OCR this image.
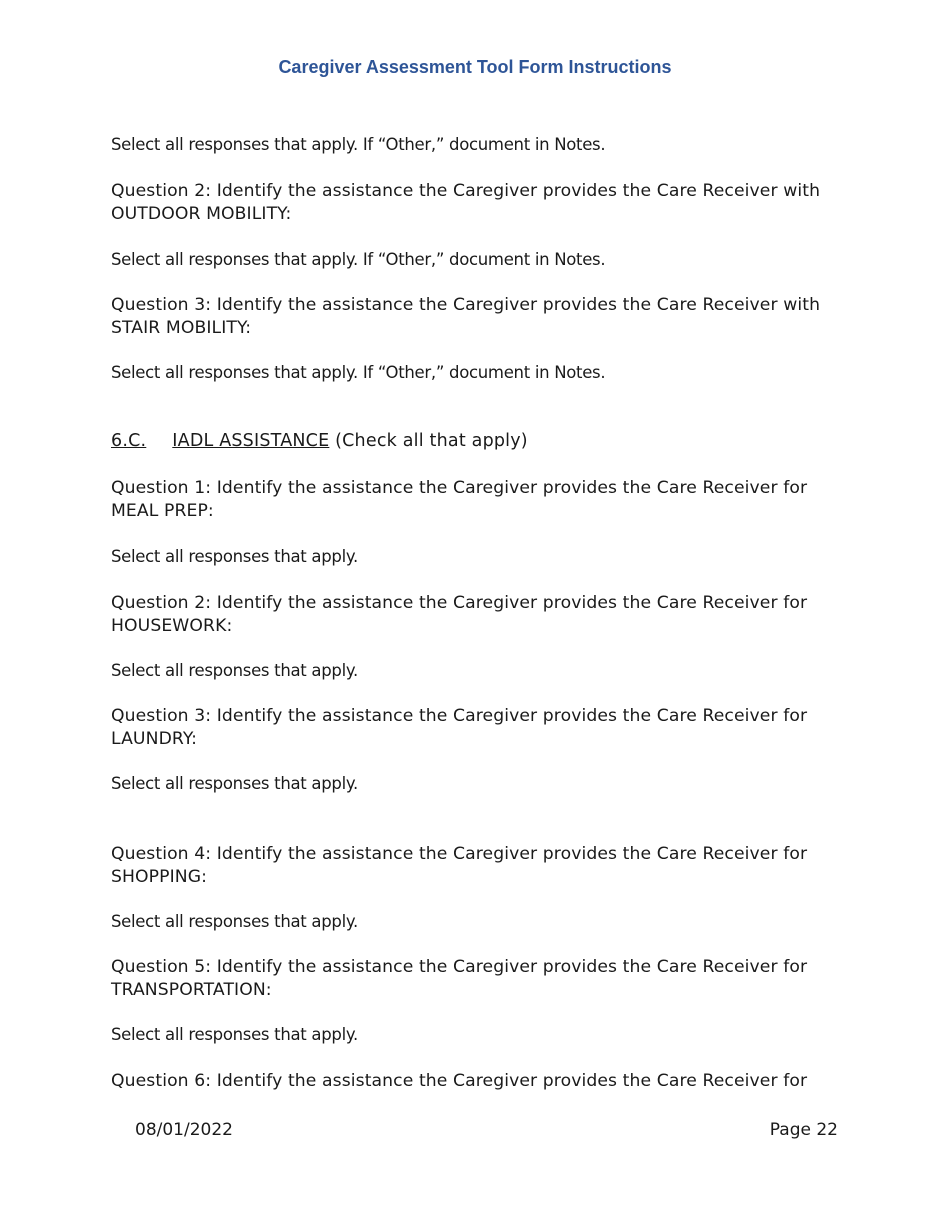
Caregiver Assessment Tool Form Instructions
Select all responses that apply. If “Other,” document in Notes.
Question 2: Identify the assistance the Caregiver provides the Care Receiver with
OUTDOOR MOBILITY:
Select all responses that apply. If “Other,” document in Notes.
Question 3: Identify the assistance the Caregiver provides the Care Receiver with
STAIR MOBILITY:
Select all responses that apply. If “Other,” document in Notes.
6.C. IADL ASSISTANCE (Check all that apply)
Question 1: Identify the assistance the Caregiver provides the Care Receiver for
MEAL PREP:
Select all responses that apply.
Question 2: Identify the assistance the Caregiver provides the Care Receiver for
HOUSEWORK:
Select all responses that apply.
Question 3: Identify the assistance the Caregiver provides the Care Receiver for
LAUNDRY:
Select all responses that apply.
Question 4: Identify the assistance the Caregiver provides the Care Receiver for
SHOPPING:
Select all responses that apply.
Question 5: Identify the assistance the Caregiver provides the Care Receiver for
TRANSPORTATION:
Select all responses that apply.
Question 6: Identify the assistance the Caregiver provides the Care Receiver for
08/01/2022	Page 22
